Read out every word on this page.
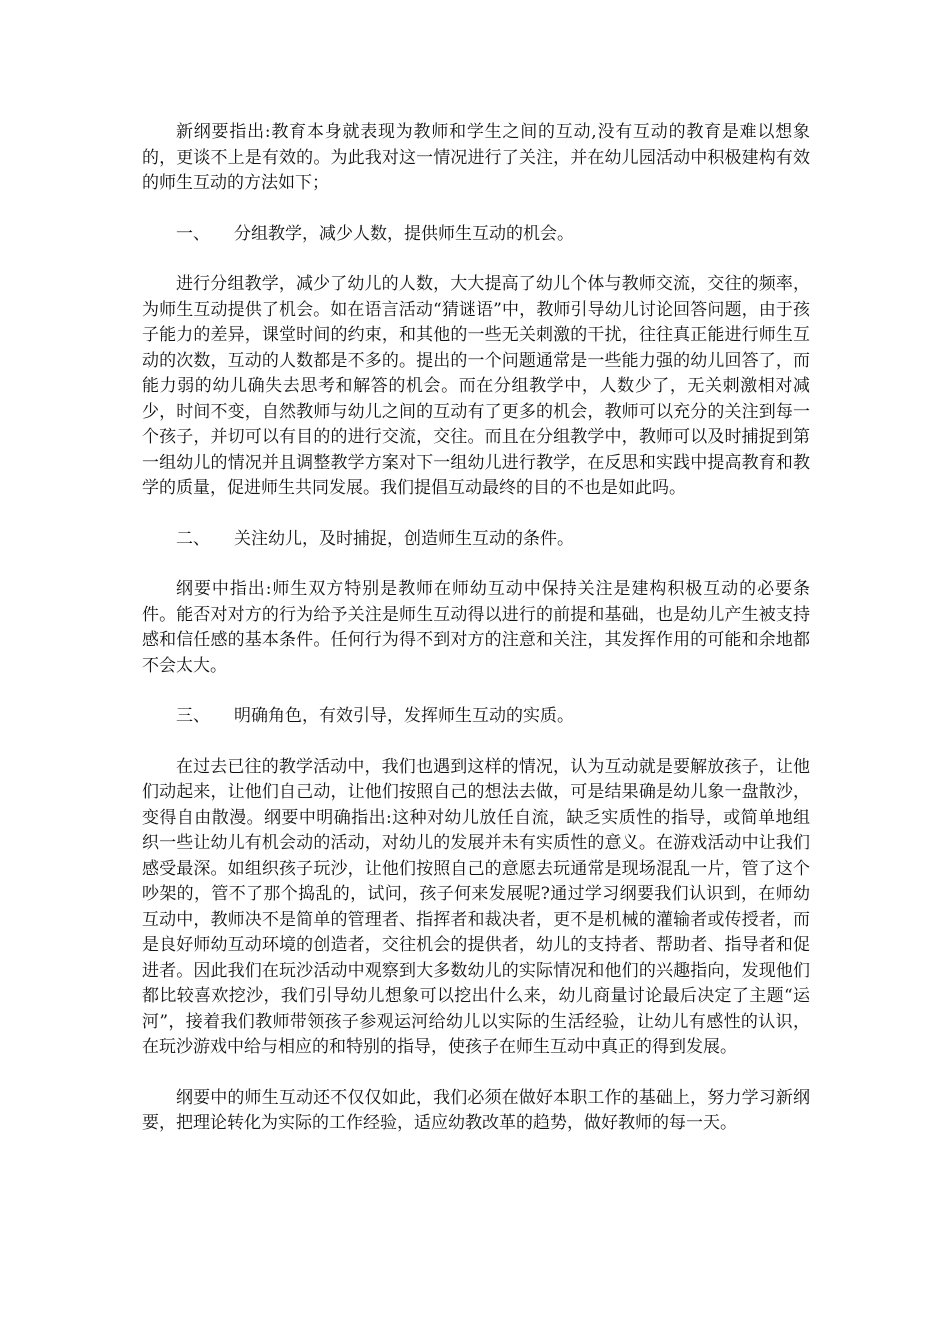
新纲要指出:教育本身就表现为教师和学生之间的互动,没有互动的教育是难以想象的，更谈不上是有效的。为此我对这一情况进行了关注，并在幼儿园活动中积极建构有效的师生互动的方法如下；

一、 分组教学，减少人数，提供师生互动的机会。

进行分组教学，减少了幼儿的人数，大大提高了幼儿个体与教师交流，交往的频率，为师生互动提供了机会。如在语言活动“猜谜语”中，教师引导幼儿讨论回答问题，由于孩子能力的差异，课堂时间的约束，和其他的一些无关刺激的干扰，往往真正能进行师生互动的次数，互动的人数都是不多的。提出的一个问题通常是一些能力强的幼儿回答了，而能力弱的幼儿确失去思考和解答的机会。而在分组教学中，人数少了，无关刺激相对减少，时间不变，自然教师与幼儿之间的互动有了更多的机会，教师可以充分的关注到每一个孩子，并切可以有目的的进行交流，交往。而且在分组教学中，教师可以及时捕捉到第一组幼儿的情况并且调整教学方案对下一组幼儿进行教学，在反思和实践中提高教育和教学的质量，促进师生共同发展。我们提倡互动最终的目的不也是如此吗。

二、 关注幼儿，及时捕捉，创造师生互动的条件。

纲要中指出:师生双方特别是教师在师幼互动中保持关注是建构积极互动的必要条件。能否对对方的行为给予关注是师生互动得以进行的前提和基础，也是幼儿产生被支持感和信任感的基本条件。任何行为得不到对方的注意和关注，其发挥作用的可能和余地都不会太大。

三、 明确角色，有效引导，发挥师生互动的实质。

在过去已往的教学活动中，我们也遇到这样的情况，认为互动就是要解放孩子，让他们动起来，让他们自己动，让他们按照自己的想法去做，可是结果确是幼儿象一盘散沙，变得自由散漫。纲要中明确指出:这种对幼儿放任自流，缺乏实质性的指导，或简单地组织一些让幼儿有机会动的活动，对幼儿的发展并未有实质性的意义。在游戏活动中让我们感受最深。如组织孩子玩沙，让他们按照自己的意愿去玩通常是现场混乱一片，管了这个吵架的，管不了那个捣乱的，试问，孩子何来发展呢?通过学习纲要我们认识到，在师幼互动中，教师决不是简单的管理者、指挥者和裁决者，更不是机械的灌输者或传授者，而是良好师幼互动环境的创造者，交往机会的提供者，幼儿的支持者、帮助者、指导者和促进者。因此我们在玩沙活动中观察到大多数幼儿的实际情况和他们的兴趣指向，发现他们都比较喜欢挖沙，我们引导幼儿想象可以挖出什么来，幼儿商量讨论最后决定了主题“运河”，接着我们教师带领孩子参观运河给幼儿以实际的生活经验，让幼儿有感性的认识，在玩沙游戏中给与相应的和特别的指导，使孩子在师生互动中真正的得到发展。

纲要中的师生互动还不仅仅如此，我们必须在做好本职工作的基础上，努力学习新纲要，把理论转化为实际的工作经验，适应幼教改革的趋势，做好教师的每一天。
